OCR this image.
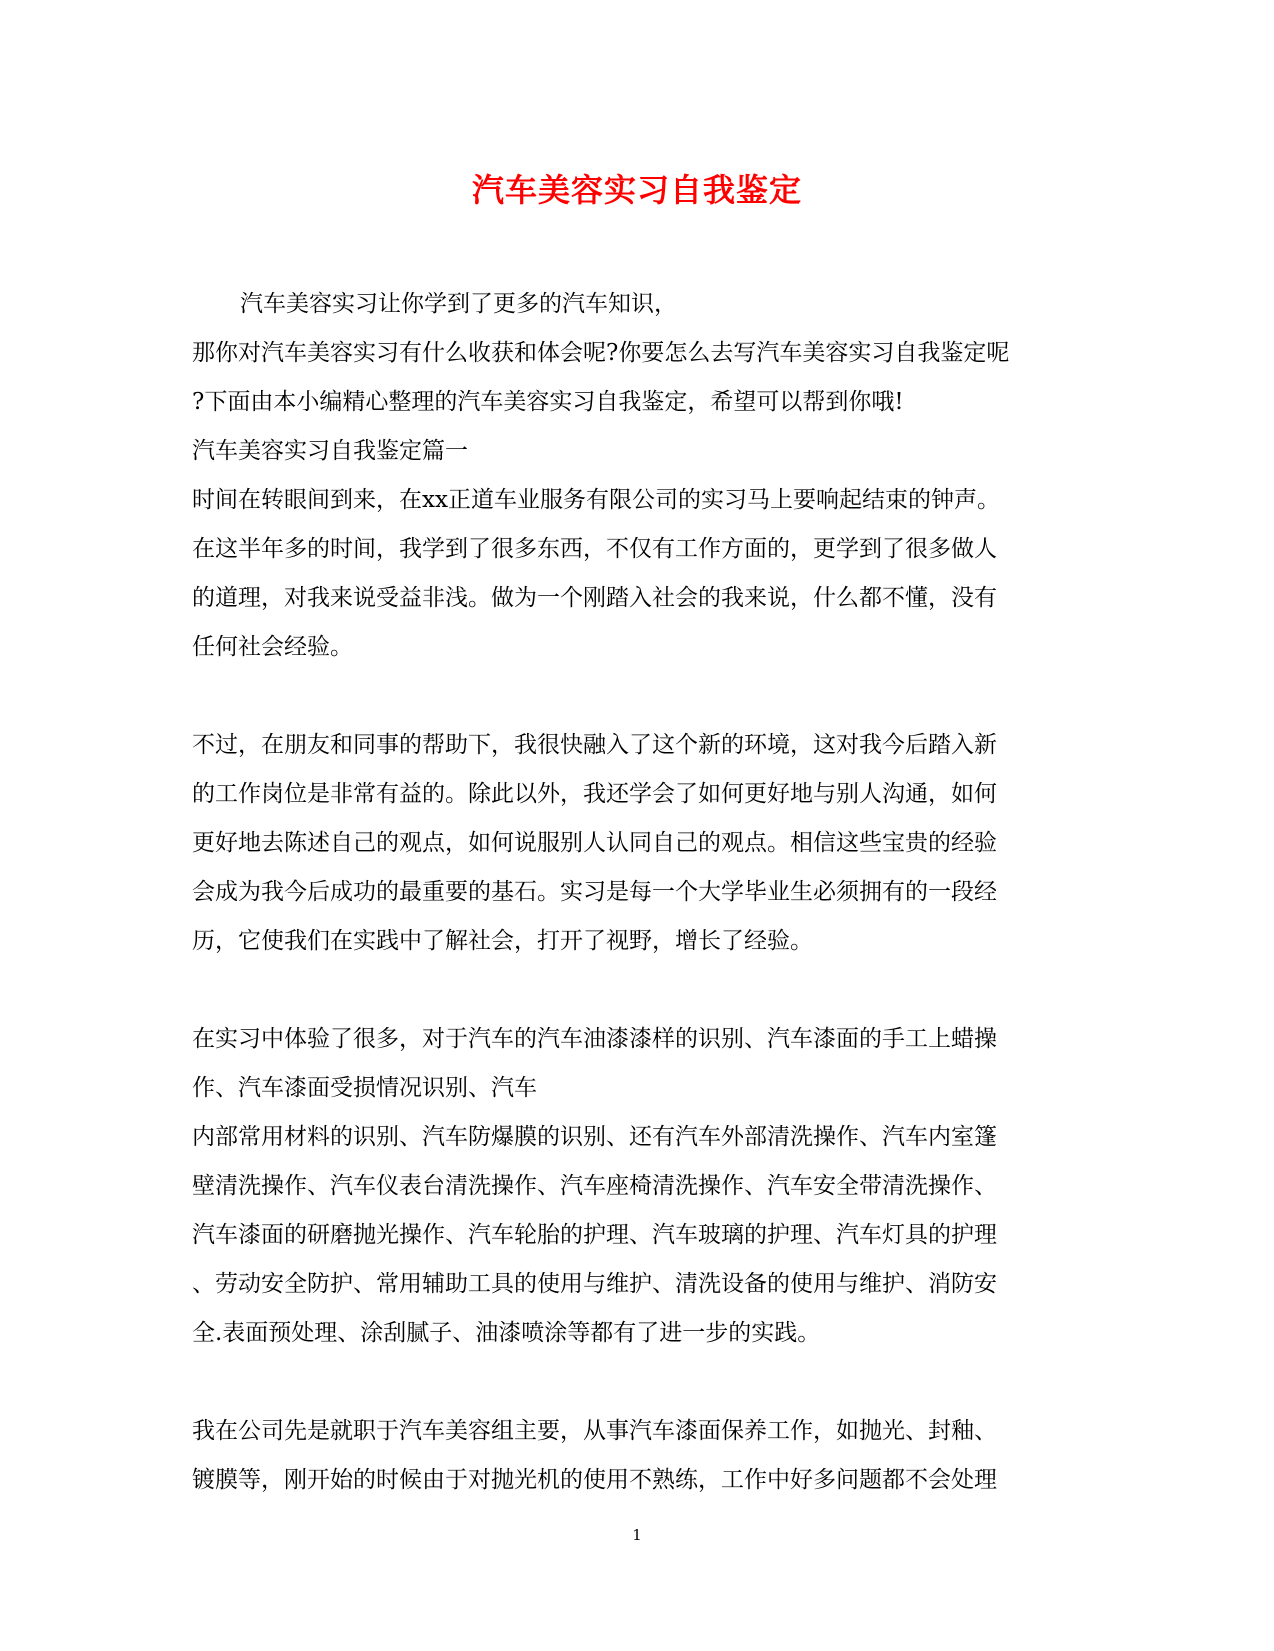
汽车美容实习自我鉴定
汽车美容实习让你学到了更多的汽车知识，
那你对汽车美容实习有什么收获和体会呢?你要怎么去写汽车美容实习自我鉴定呢
?下面由本小编精心整理的汽车美容实习自我鉴定，希望可以帮到你哦!
汽车美容实习自我鉴定篇一
时间在转眼间到来，在xx正道车业服务有限公司的实习马上要响起结束的钟声。
在这半年多的时间，我学到了很多东西，不仅有工作方面的，更学到了很多做人
的道理，对我来说受益非浅。做为一个刚踏入社会的我来说，什么都不懂，没有
任何社会经验。
不过，在朋友和同事的帮助下，我很快融入了这个新的环境，这对我今后踏入新
的工作岗位是非常有益的。除此以外，我还学会了如何更好地与别人沟通，如何
更好地去陈述自己的观点，如何说服别人认同自己的观点。相信这些宝贵的经验
会成为我今后成功的最重要的基石。实习是每一个大学毕业生必须拥有的一段经
历，它使我们在实践中了解社会，打开了视野，增长了经验。
在实习中体验了很多，对于汽车的汽车油漆漆样的识别、汽车漆面的手工上蜡操
作、汽车漆面受损情况识别、汽车
内部常用材料的识别、汽车防爆膜的识别、还有汽车外部清洗操作、汽车内室篷
壁清洗操作、汽车仪表台清洗操作、汽车座椅清洗操作、汽车安全带清洗操作、
汽车漆面的研磨抛光操作、汽车轮胎的护理、汽车玻璃的护理、汽车灯具的护理
、劳动安全防护、常用辅助工具的使用与维护、清洗设备的使用与维护、消防安
全.表面预处理、涂刮腻子、油漆喷涂等都有了进一步的实践。
我在公司先是就职于汽车美容组主要，从事汽车漆面保养工作，如抛光、封釉、
镀膜等，刚开始的时候由于对抛光机的使用不熟练，工作中好多问题都不会处理
1
